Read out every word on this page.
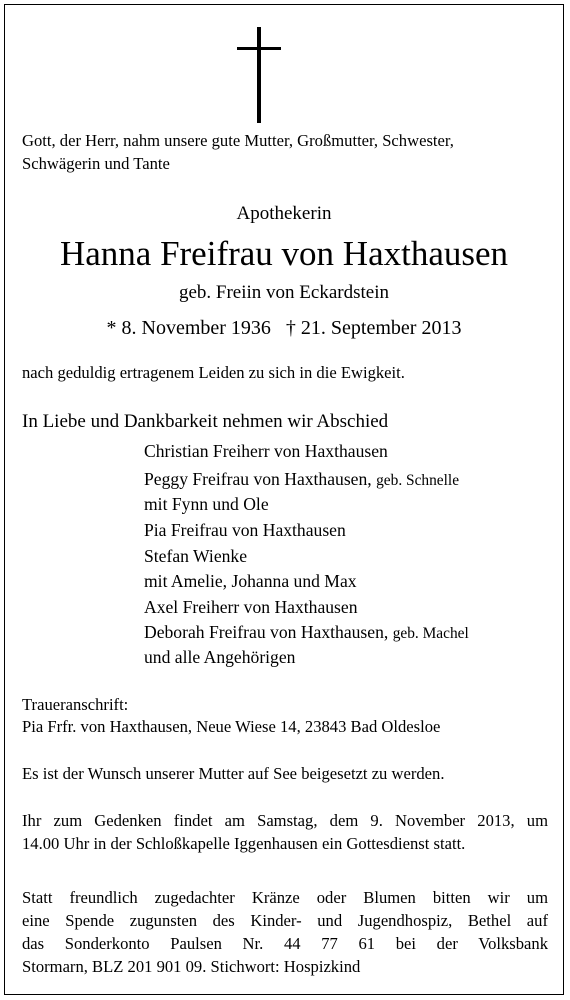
Gott, der Herr, nahm unsere gute Mutter, Großmutter, Schwester,
Schwägerin und Tante
Apothekerin
Hanna Freifrau von Haxthausen
geb. Freiin von Eckardstein
* 8. November 1936   † 21. September 2013
nach geduldig ertragenem Leiden zu sich in die Ewigkeit.
In Liebe und Dankbarkeit nehmen wir Abschied
Christian Freiherr von Haxthausen
Peggy Freifrau von Haxthausen, geb. Schnelle
mit Fynn und Ole
Pia Freifrau von Haxthausen
Stefan Wienke
mit Amelie, Johanna und Max
Axel Freiherr von Haxthausen
Deborah Freifrau von Haxthausen, geb. Machel
und alle Angehörigen
Traueranschrift:
Pia Frfr. von Haxthausen, Neue Wiese 14, 23843 Bad Oldesloe
Es ist der Wunsch unserer Mutter auf See beigesetzt zu werden.
Ihr zum Gedenken findet am Samstag, dem 9. November 2013, um
14.00 Uhr in der Schloßkapelle Iggenhausen ein Gottesdienst statt.
Statt freundlich zugedachter Kränze oder Blumen bitten wir um
eine Spende zugunsten des Kinder- und Jugendhospiz, Bethel auf
das Sonderkonto Paulsen Nr. 44 77 61 bei der Volksbank
Stormarn, BLZ 201 901 09. Stichwort: Hospizkind
